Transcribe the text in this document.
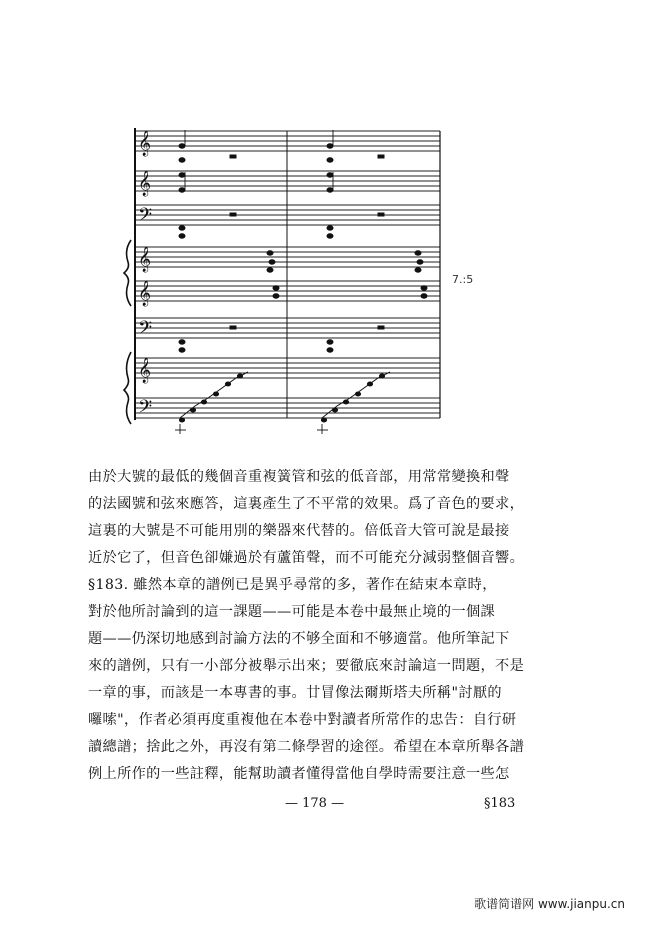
𝄞
𝄞
𝄢
𝄞
𝄞
𝄢
𝄞
𝄢
7.:5
由於大號的最低的幾個音重複簧管和弦的低音部，用常常變換和聲
的法國號和弦來應答，這裏產生了不平常的效果。爲了音色的要求，
這裏的大號是不可能用別的樂器來代替的。倍低音大管可說是最接
近於它了，但音色卻嫌過於有蘆笛聲，而不可能充分減弱整個音響。
§183. 雖然本章的譜例已是異乎尋常的多，著作在結束本章時，
對於他所討論到的這一課題——可能是本卷中最無止境的一個課
題——仍深切地感到討論方法的不够全面和不够適當。他所筆記下
來的譜例，只有一小部分被舉示出來；要徹底來討論這一問題，不是
一章的事，而該是一本專書的事。廿冒像法爾斯塔夫所稱"討厭的
囉嗦"，作者必須再度重複他在本卷中對讀者所常作的忠告：自行研
讀總譜；捨此之外，再沒有第二條學習的途徑。希望在本章所舉各譜
例上所作的一些註釋，能幫助讀者懂得當他自學時需要注意一些怎
— 178 —	§183
歌谱简谱网 www.jianpu.cn
